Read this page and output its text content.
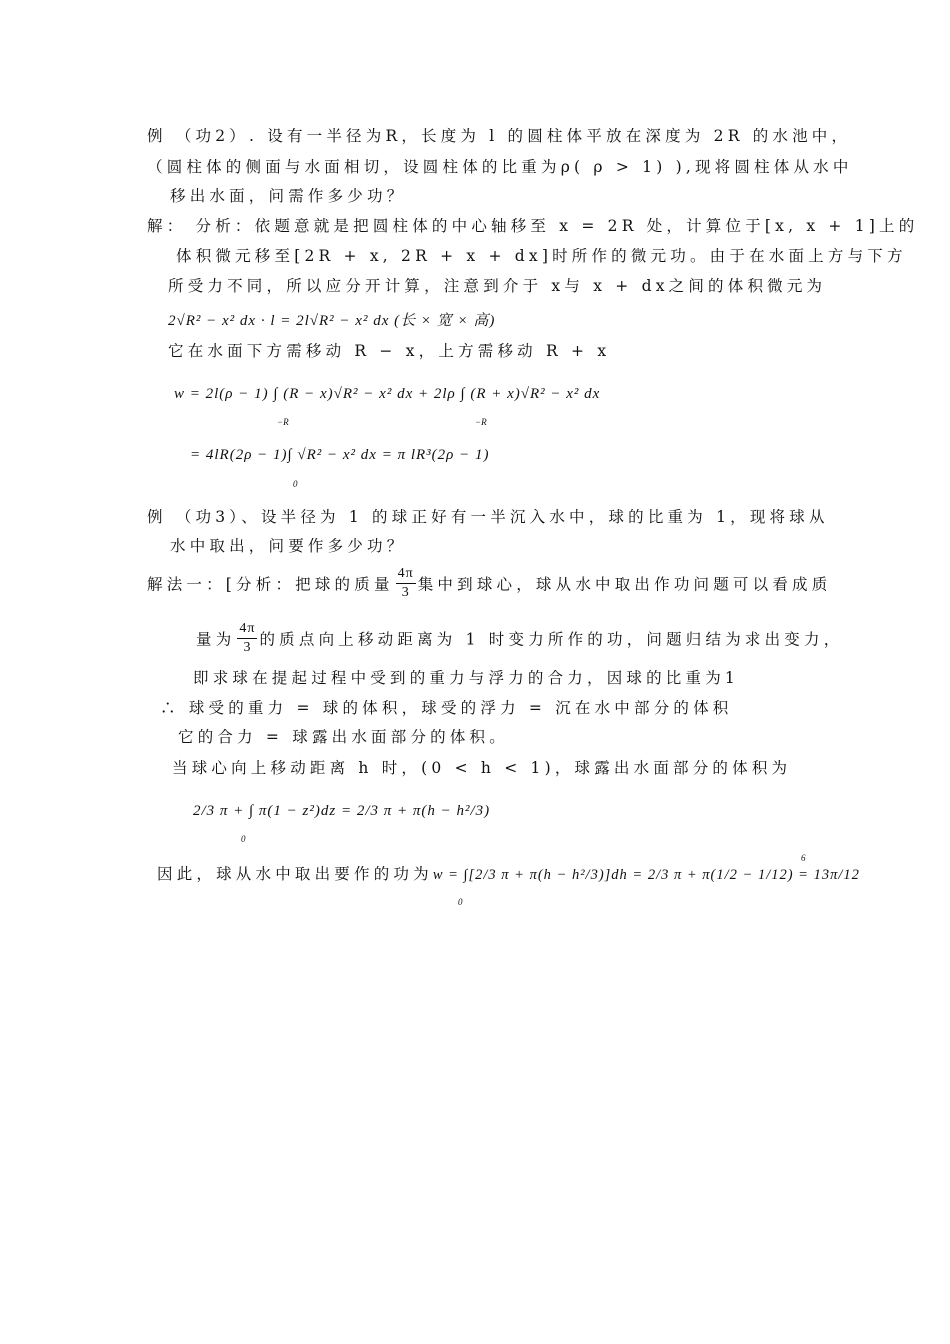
例 （功2）. 设有一半径为R，长度为 l 的圆柱体平放在深度为 2R 的水池中，
（圆柱体的侧面与水面相切，设圆柱体的比重为ρ( ρ > 1) ),现将圆柱体从水中
移出水面，问需作多少功？
解： 分析：依题意就是把圆柱体的中心轴移至 x = 2R 处，计算位于[x, x + 1]上的
体积微元移至[2R + x, 2R + x + dx]时所作的微元功。由于在水面上方与下方
所受力不同，所以应分开计算，注意到介于 x与 x + dx之间的体积微元为
2√R² − x² dx · l = 2l√R² − x² dx (长 × 宽 × 高)
它在水面下方需移动 R − x，上方需移动 R + x
w = 2l(ρ − 1) ∫ (R − x)√R² − x² dx + 2lρ ∫ (R + x)√R² − x² dx
−R	−R
= 4lR(2ρ − 1)∫ √R² − x² dx = π lR³(2ρ − 1)
0
例 （功3）、设半径为 1 的球正好有一半沉入水中，球的比重为 1，现将球从
水中取出，问要作多少功？
解法一：[分析：把球的质量 $\frac{4\pi}{3}$ 集中到球心，球从水中取出作功问题可以看成质
量为 $\frac{4\pi}{3}$ 的质点向上移动距离为 1 时变力所作的功，问题归结为求出变力，
即求球在提起过程中受到的重力与浮力的合力，因球的比重为1
∴ 球受的重力 = 球的体积，球受的浮力 = 沉在水中部分的体积
它的合力 = 球露出水面部分的体积。
当球心向上移动距离 h 时，(0 < h < 1)，球露出水面部分的体积为
2/3 π + ∫ π(1 − z²)dz = 2/3 π + π(h − h²/3)
0
因此，球从水中取出要作的功为w = ∫[2/3 π + π(h − h²/3)]dh = 2/3 π + π(1/2 − 1/12) = 13π/12
0
6
